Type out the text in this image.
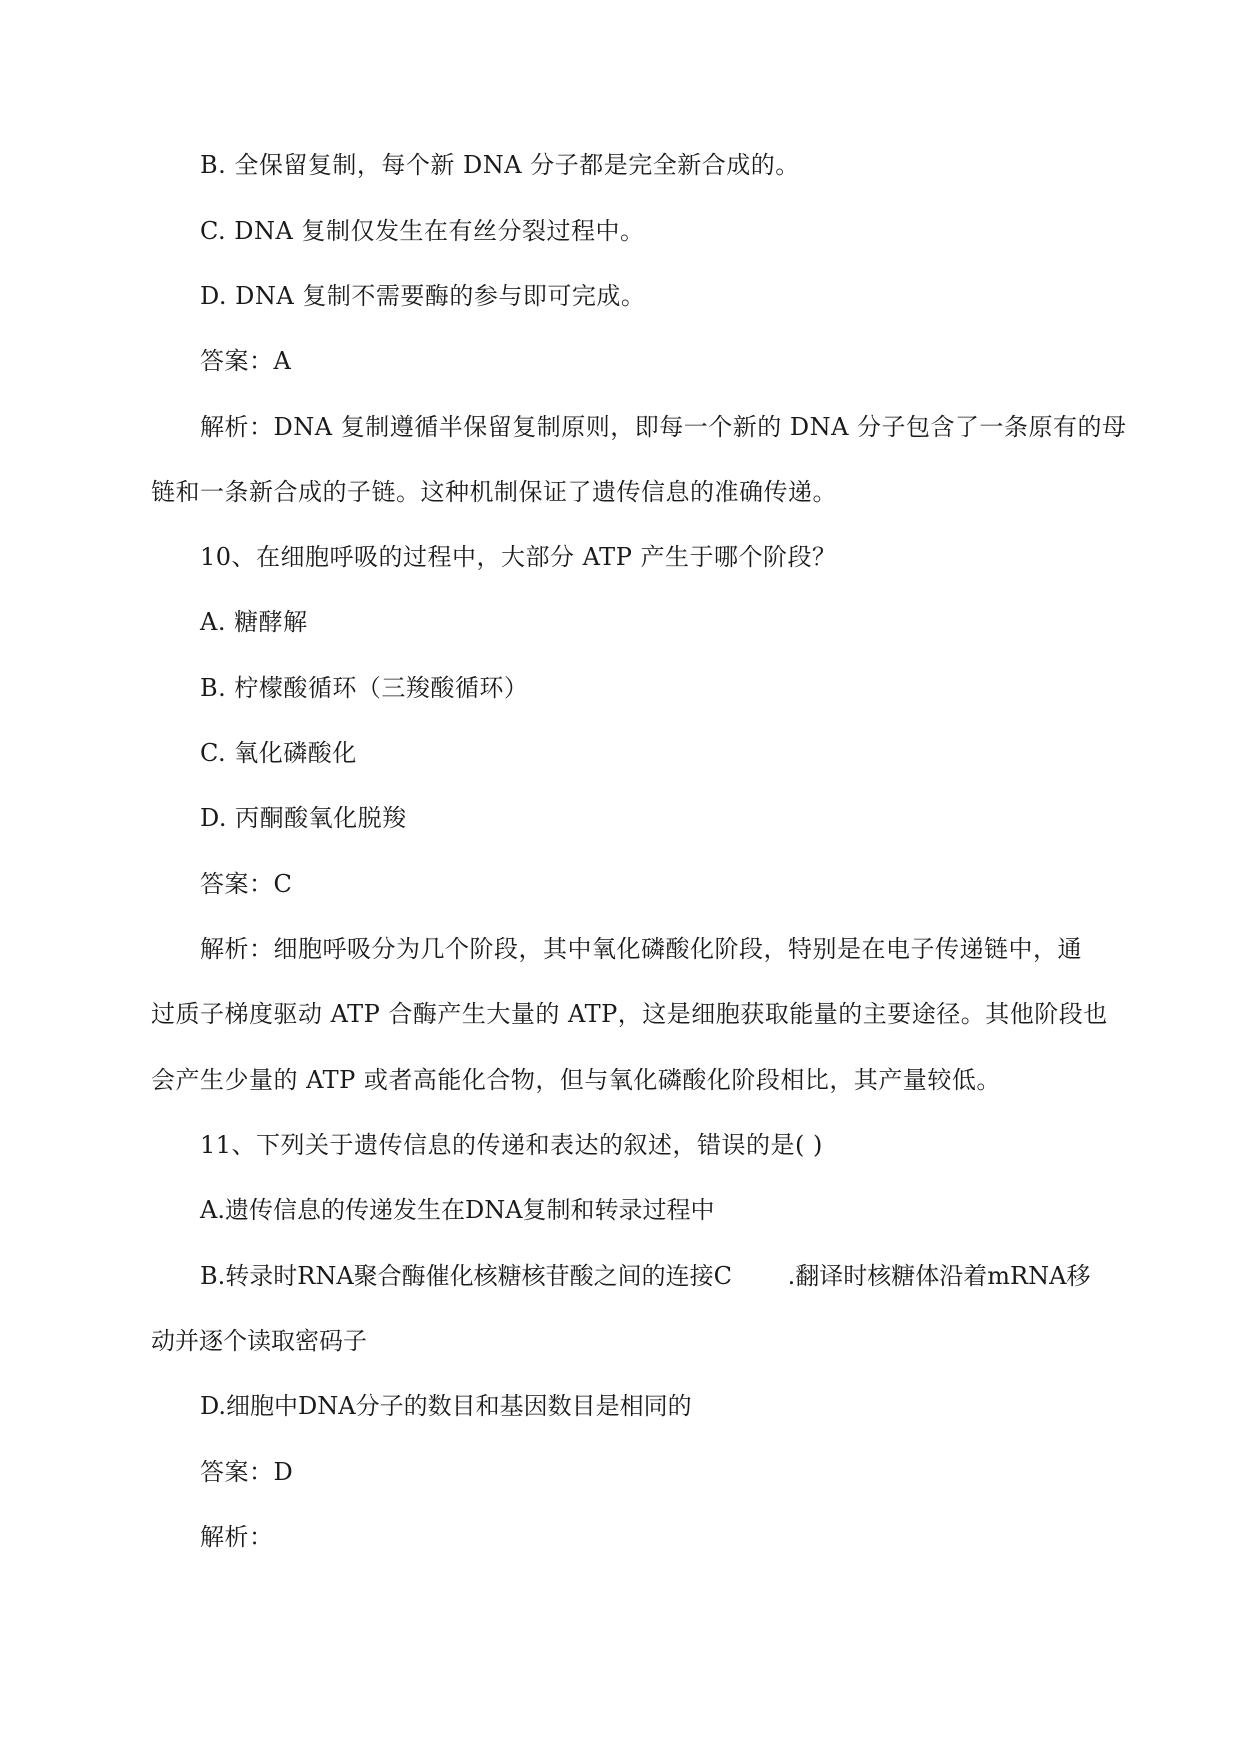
B. 全保留复制，每个新 DNA 分子都是完全新合成的。

C. DNA 复制仅发生在有丝分裂过程中。

D. DNA 复制不需要酶的参与即可完成。

答案：A

解析：DNA 复制遵循半保留复制原则，即每一个新的 DNA 分子包含了一条原有的母

链和一条新合成的子链。这种机制保证了遗传信息的准确传递。

10、在细胞呼吸的过程中，大部分 ATP 产生于哪个阶段？

A. 糖酵解

B. 柠檬酸循环（三羧酸循环）

C. 氧化磷酸化

D. 丙酮酸氧化脱羧

答案：C

解析：细胞呼吸分为几个阶段，其中氧化磷酸化阶段，特别是在电子传递链中，通

过质子梯度驱动 ATP 合酶产生大量的 ATP，这是细胞获取能量的主要途径。其他阶段也

会产生少量的 ATP 或者高能化合物，但与氧化磷酸化阶段相比，其产量较低。

11、下列关于遗传信息的传递和表达的叙述，错误的是( )

A.遗传信息的传递发生在DNA复制和转录过程中

B.转录时RNA聚合酶催化核糖核苷酸之间的连接C　　 .翻译时核糖体沿着mRNA移

动并逐个读取密码子

D.细胞中DNA分子的数目和基因数目是相同的

答案：D

解析：
